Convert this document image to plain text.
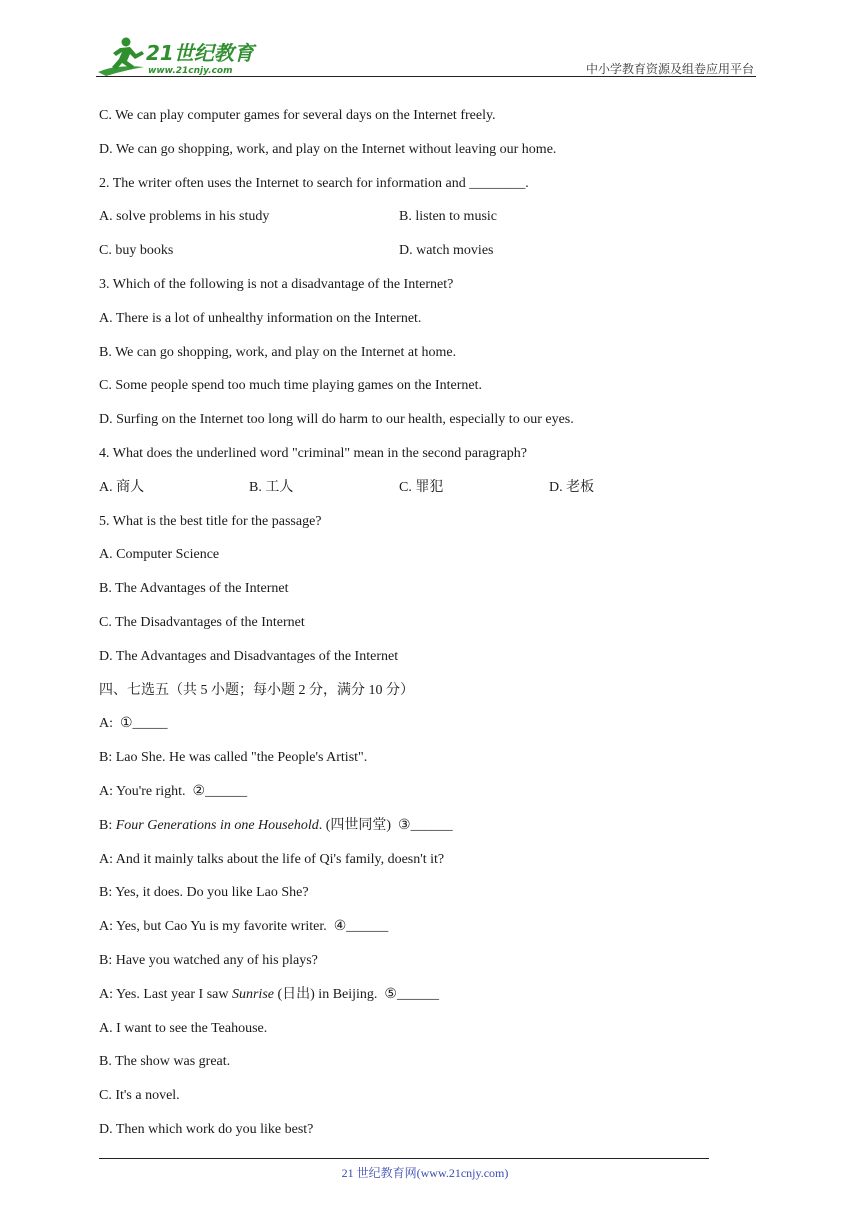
21世纪教育
www.21cnjy.com	中小学教育资源及组卷应用平台
C. We can play computer games for several days on the Internet freely.
D. We can go shopping, work, and play on the Internet without leaving our home.
2. The writer often uses the Internet to search for information and ________.
A. solve problems in his study	B. listen to music
C. buy books	D. watch movies
3. Which of the following is not a disadvantage of the Internet?
A. There is a lot of unhealthy information on the Internet.
B. We can go shopping, work, and play on the Internet at home.
C. Some people spend too much time playing games on the Internet.
D. Surfing on the Internet too long will do harm to our health, especially to our eyes.
4. What does the underlined word "criminal" mean in the second paragraph?
A. 商人	B. 工人	C. 罪犯	D. 老板
5. What is the best title for the passage?
A. Computer Science
B. The Advantages of the Internet
C. The Disadvantages of the Internet
D. The Advantages and Disadvantages of the Internet
四、七选五（共 5 小题；每小题 2 分，满分 10 分）
A: ①_____
B: Lao She. He was called "the People's Artist".
A: You're right.  ②______
B: Four Generations in one Household. (四世同堂)  ③______
A: And it mainly talks about the life of Qi's family, doesn't it?
B: Yes, it does. Do you like Lao She?
A: Yes, but Cao Yu is my favorite writer.  ④______
B: Have you watched any of his plays?
A: Yes. Last year I saw Sunrise (日出) in Beijing.  ⑤______
A. I want to see the Teahouse.
B. The show was great.
C. It's a novel.
D. Then which work do you like best?
21 世纪教育网(www.21cnjy.com)
